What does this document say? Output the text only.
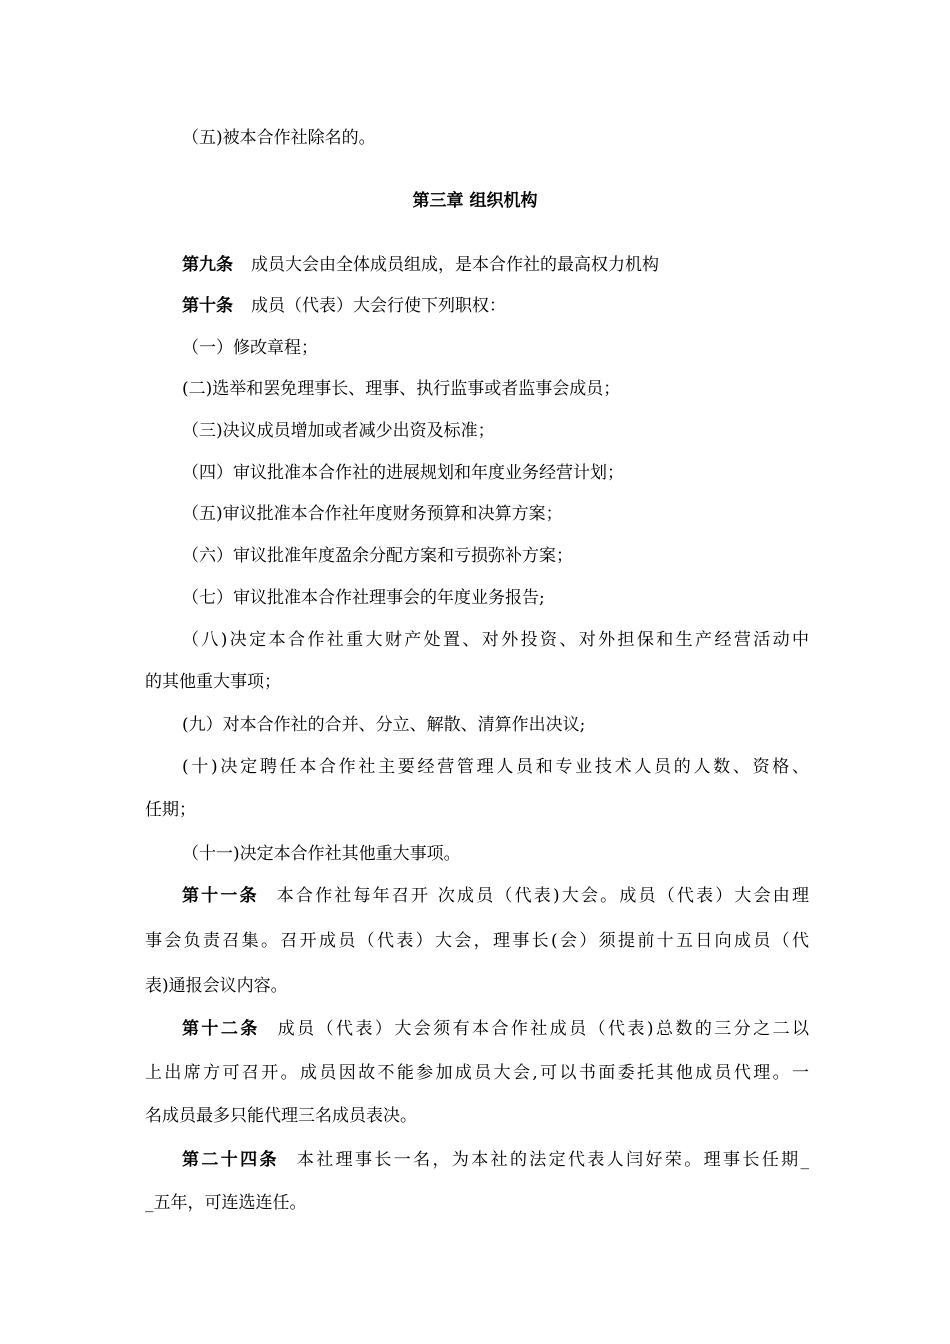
（五)被本合作社除名的。
第三章 组织机构
第九条 成员大会由全体成员组成，是本合作社的最高权力机构
第十条 成员（代表）大会行使下列职权：
（一）修改章程；
(二)选举和罢免理事长、理事、执行监事或者监事会成员；
（三)决议成员增加或者减少出资及标准；
（四）审议批准本合作社的进展规划和年度业务经营计划；
（五)审议批准本合作社年度财务预算和决算方案；
（六）审议批准年度盈余分配方案和亏损弥补方案；
（七）审议批准本合作社理事会的年度业务报告;
（八)决定本合作社重大财产处置、对外投资、对外担保和生产经营活动中
的其他重大事项；
(九）对本合作社的合并、分立、解散、清算作出决议;
(十)决定聘任本合作社主要经营管理人员和专业技术人员的人数、资格、
任期；
（十一)决定本合作社其他重大事项。
第十一条 本合作社每年召开 次成员（代表)大会。成员（代表）大会由理
事会负责召集。召开成员（代表）大会，理事长(会）须提前十五日向成员（代
表)通报会议内容。
第十二条 成员（代表）大会须有本合作社成员（代表)总数的三分之二以
上出席方可召开。成员因故不能参加成员大会,可以书面委托其他成员代理。一
名成员最多只能代理三名成员表决。
第二十四条 本社理事长一名，为本社的法定代表人闫好荣。理事长任期_
_五年，可连选连任。
